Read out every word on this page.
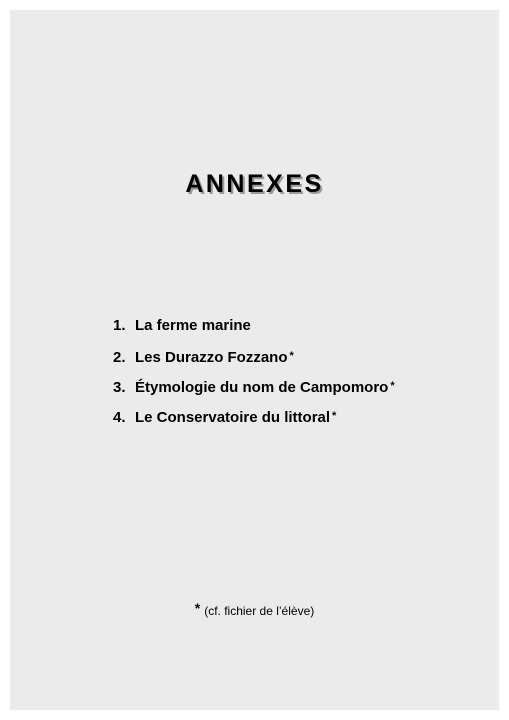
ANNEXES
1. La ferme marine
2. Les Durazzo Fozzano *
3. Étymologie du nom de Campomoro *
4. Le Conservatoire du littoral *
* (cf. fichier de l’élève)
